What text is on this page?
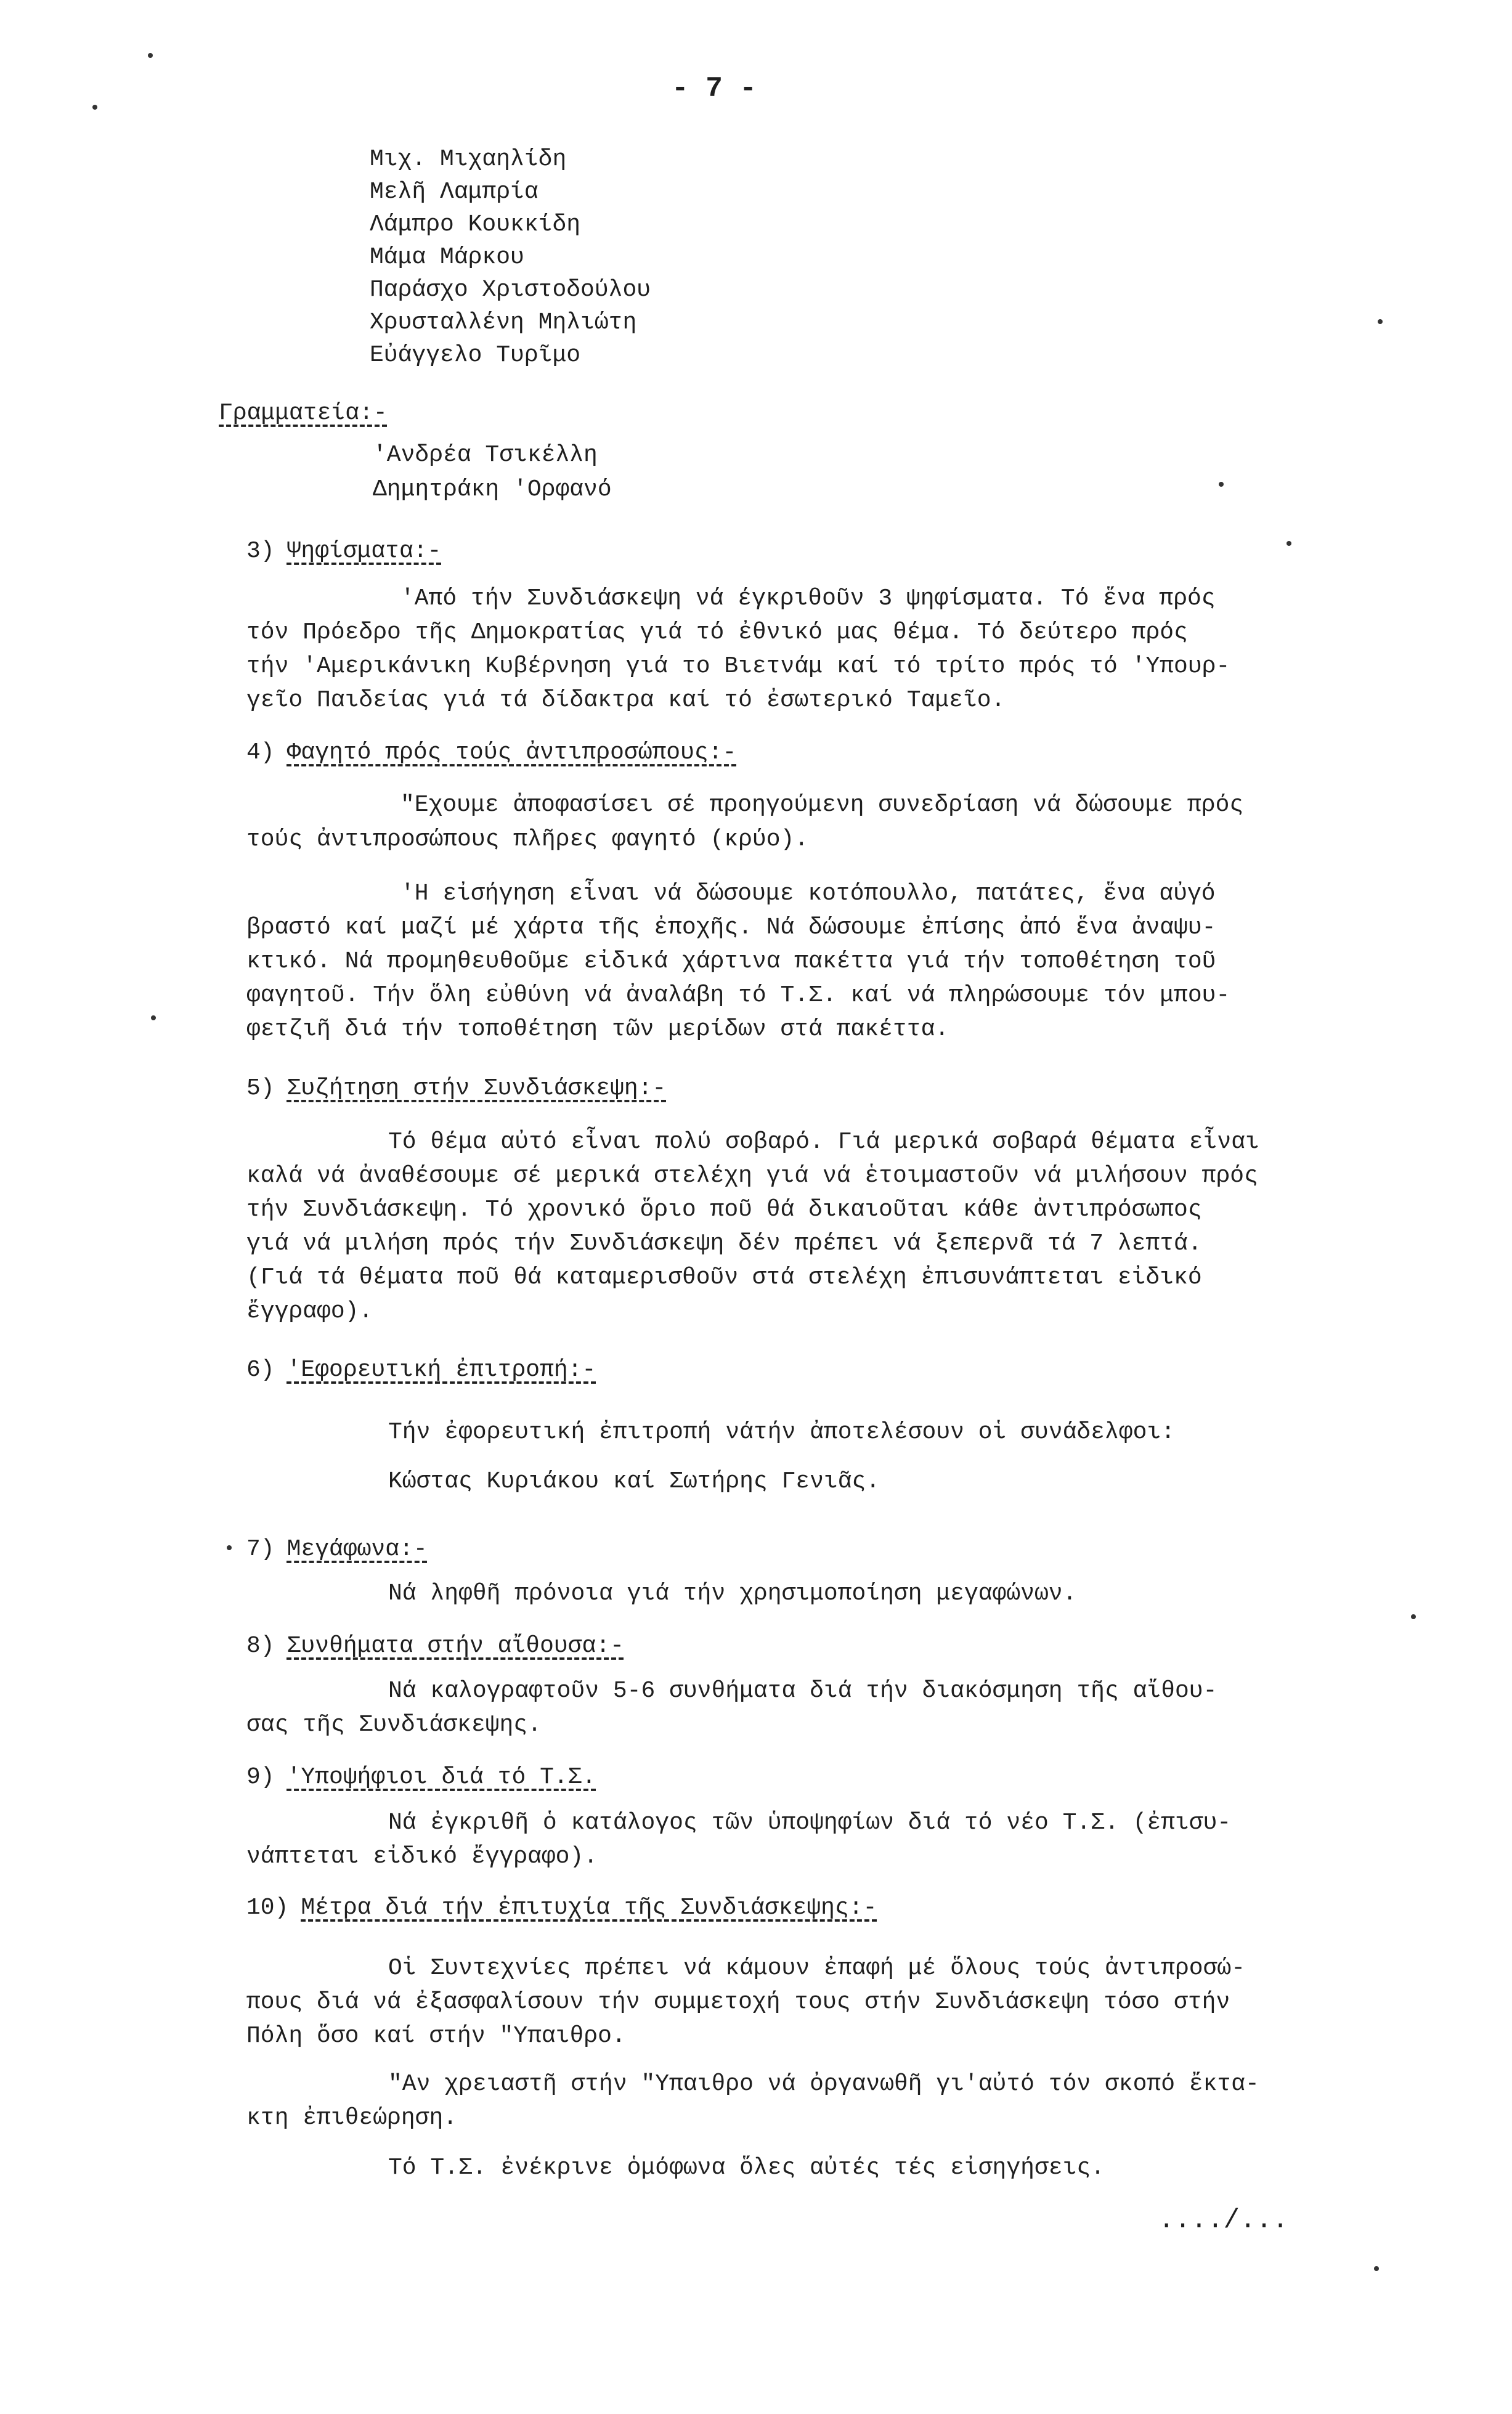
- 7 -
Μιχ. Μιχαηλίδη
Μελῆ Λαμπρία
Λάμπρο Κουκκίδη
Μάμα Μάρκου
Παράσχο Χριστοδούλου
Χρυσταλλένη Μηλιώτη
Εὐάγγελο Τυρῖμο
Γραμματεία:-
'Ανδρέα Τσικέλλη
Δημητράκη 'Ορφανό
3) Ψηφίσματα:-
'Από τήν Συνδιάσκεψη νά έγκριθοῦν 3 ψηφίσματα. Τό ἕνα πρός
τόν Πρόεδρο τῆς Δημοκρατίας γιά τό ἐθνικό μας θέμα. Τό δεύτερο πρός
τήν 'Αμερικάνικη Κυβέρνηση γιά το Βιετνάμ καί τό τρίτο πρός τό 'Υπουρ-
γεῖο Παιδείας γιά τά δίδακτρα καί τό ἐσωτερικό Ταμεῖο.
4) Φαγητό πρός τούς ἀντιπροσώπους:-
"Εχουμε ἀποφασίσει σέ προηγούμενη συνεδρίαση νά δώσουμε πρός
τούς ἀντιπροσώπους πλῆρες φαγητό (κρύο).
'Η εἰσήγηση εἶναι νά δώσουμε κοτόπουλλο, πατάτες, ἕνα αὐγό
βραστό καί μαζί μέ χάρτα τῆς ἐποχῆς. Νά δώσουμε ἐπίσης ἀπό ἕνα ἀναψυ-
κτικό. Νά προμηθευθοῦμε εἰδικά χάρτινα πακέττα γιά τήν τοποθέτηση τοῦ
φαγητοῦ. Τήν ὅλη εὐθύνη νά ἀναλάβη τό Τ.Σ. καί νά πληρώσουμε τόν μπου-
φετζιῆ διά τήν τοποθέτηση τῶν μερίδων στά πακέττα.
5) Συζήτηση στήν Συνδιάσκεψη:-
Τό θέμα αὐτό εἶναι πολύ σοβαρό. Γιά μερικά σοβαρά θέματα εἶναι
καλά νά ἀναθέσουμε σέ μερικά στελέχη γιά νά ἑτοιμαστοῦν νά μιλήσουν πρός
τήν Συνδιάσκεψη. Τό χρονικό ὅριο ποῦ θά δικαιοῦται κάθε ἀντιπρόσωπος
γιά νά μιλήση πρός τήν Συνδιάσκεψη δέν πρέπει νά ξεπερνᾶ τά 7 λεπτά.
(Γιά τά θέματα ποῦ θά καταμερισθοῦν στά στελέχη ἐπισυνάπτεται εἰδικό
ἔγγραφο).
6) 'Εφορευτική ἐπιτροπή:-
Τήν ἐφορευτική ἐπιτροπή νάτήν ἀποτελέσουν οἱ συνάδελφοι:
Κώστας Κυριάκου καί Σωτήρης Γενιᾶς.
7) Μεγάφωνα:-
Νά ληφθῆ πρόνοια γιά τήν χρησιμοποίηση μεγαφώνων.
8) Συνθήματα στήν αἴθουσα:-
Νά καλογραφτοῦν 5-6 συνθήματα διά τήν διακόσμηση τῆς αἴθου-
σας τῆς Συνδιάσκεψης.
9) 'Υποψήφιοι διά τό Τ.Σ.
Νά ἐγκριθῆ ὁ κατάλογος τῶν ὑποψηφίων διά τό νέο Τ.Σ. (ἐπισυ-
νάπτεται εἰδικό ἔγγραφο).
10) Μέτρα διά τήν ἐπιτυχία τῆς Συνδιάσκεψης:-
Οἱ Συντεχνίες πρέπει νά κάμουν ἐπαφή μέ ὅλους τούς ἀντιπροσώ-
πους διά νά ἐξασφαλίσουν τήν συμμετοχή τους στήν Συνδιάσκεψη τόσο στήν
Πόλη ὅσο καί στήν "Υπαιθρο.
"Αν χρειαστῆ στήν "Υπαιθρο νά ὀργανωθῆ γι'αὐτό τόν σκοπό ἔκτα-
κτη ἐπιθεώρηση.
Τό Τ.Σ. ἐνέκρινε ὁμόφωνα ὅλες αὐτές τές εἰσηγήσεις.
..../...
